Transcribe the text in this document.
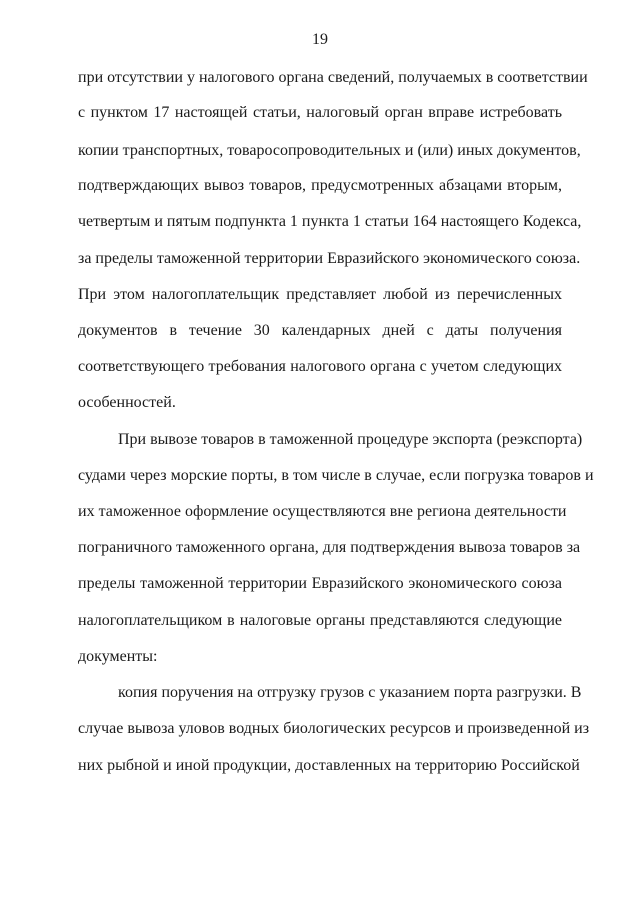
19
при отсутствии у налогового органа сведений, получаемых в соответствии
с пунктом 17 настоящей статьи, налоговый орган вправе истребовать
копии транспортных, товаросопроводительных и (или) иных документов,
подтверждающих вывоз товаров, предусмотренных абзацами вторым,
четвертым и пятым подпункта 1 пункта 1 статьи 164 настоящего Кодекса,
за пределы таможенной территории Евразийского экономического союза.
При этом налогоплательщик представляет любой из перечисленных
документов в течение 30 календарных дней с даты получения
соответствующего требования налогового органа с учетом следующих
особенностей.
При вывозе товаров в таможенной процедуре экспорта (реэкспорта)
судами через морские порты, в том числе в случае, если погрузка товаров и
их таможенное оформление осуществляются вне региона деятельности
пограничного таможенного органа, для подтверждения вывоза товаров за
пределы таможенной территории Евразийского экономического союза
налогоплательщиком в налоговые органы представляются следующие
документы:
копия поручения на отгрузку грузов с указанием порта разгрузки. В
случае вывоза уловов водных биологических ресурсов и произведенной из
них рыбной и иной продукции, доставленных на территорию Российской
